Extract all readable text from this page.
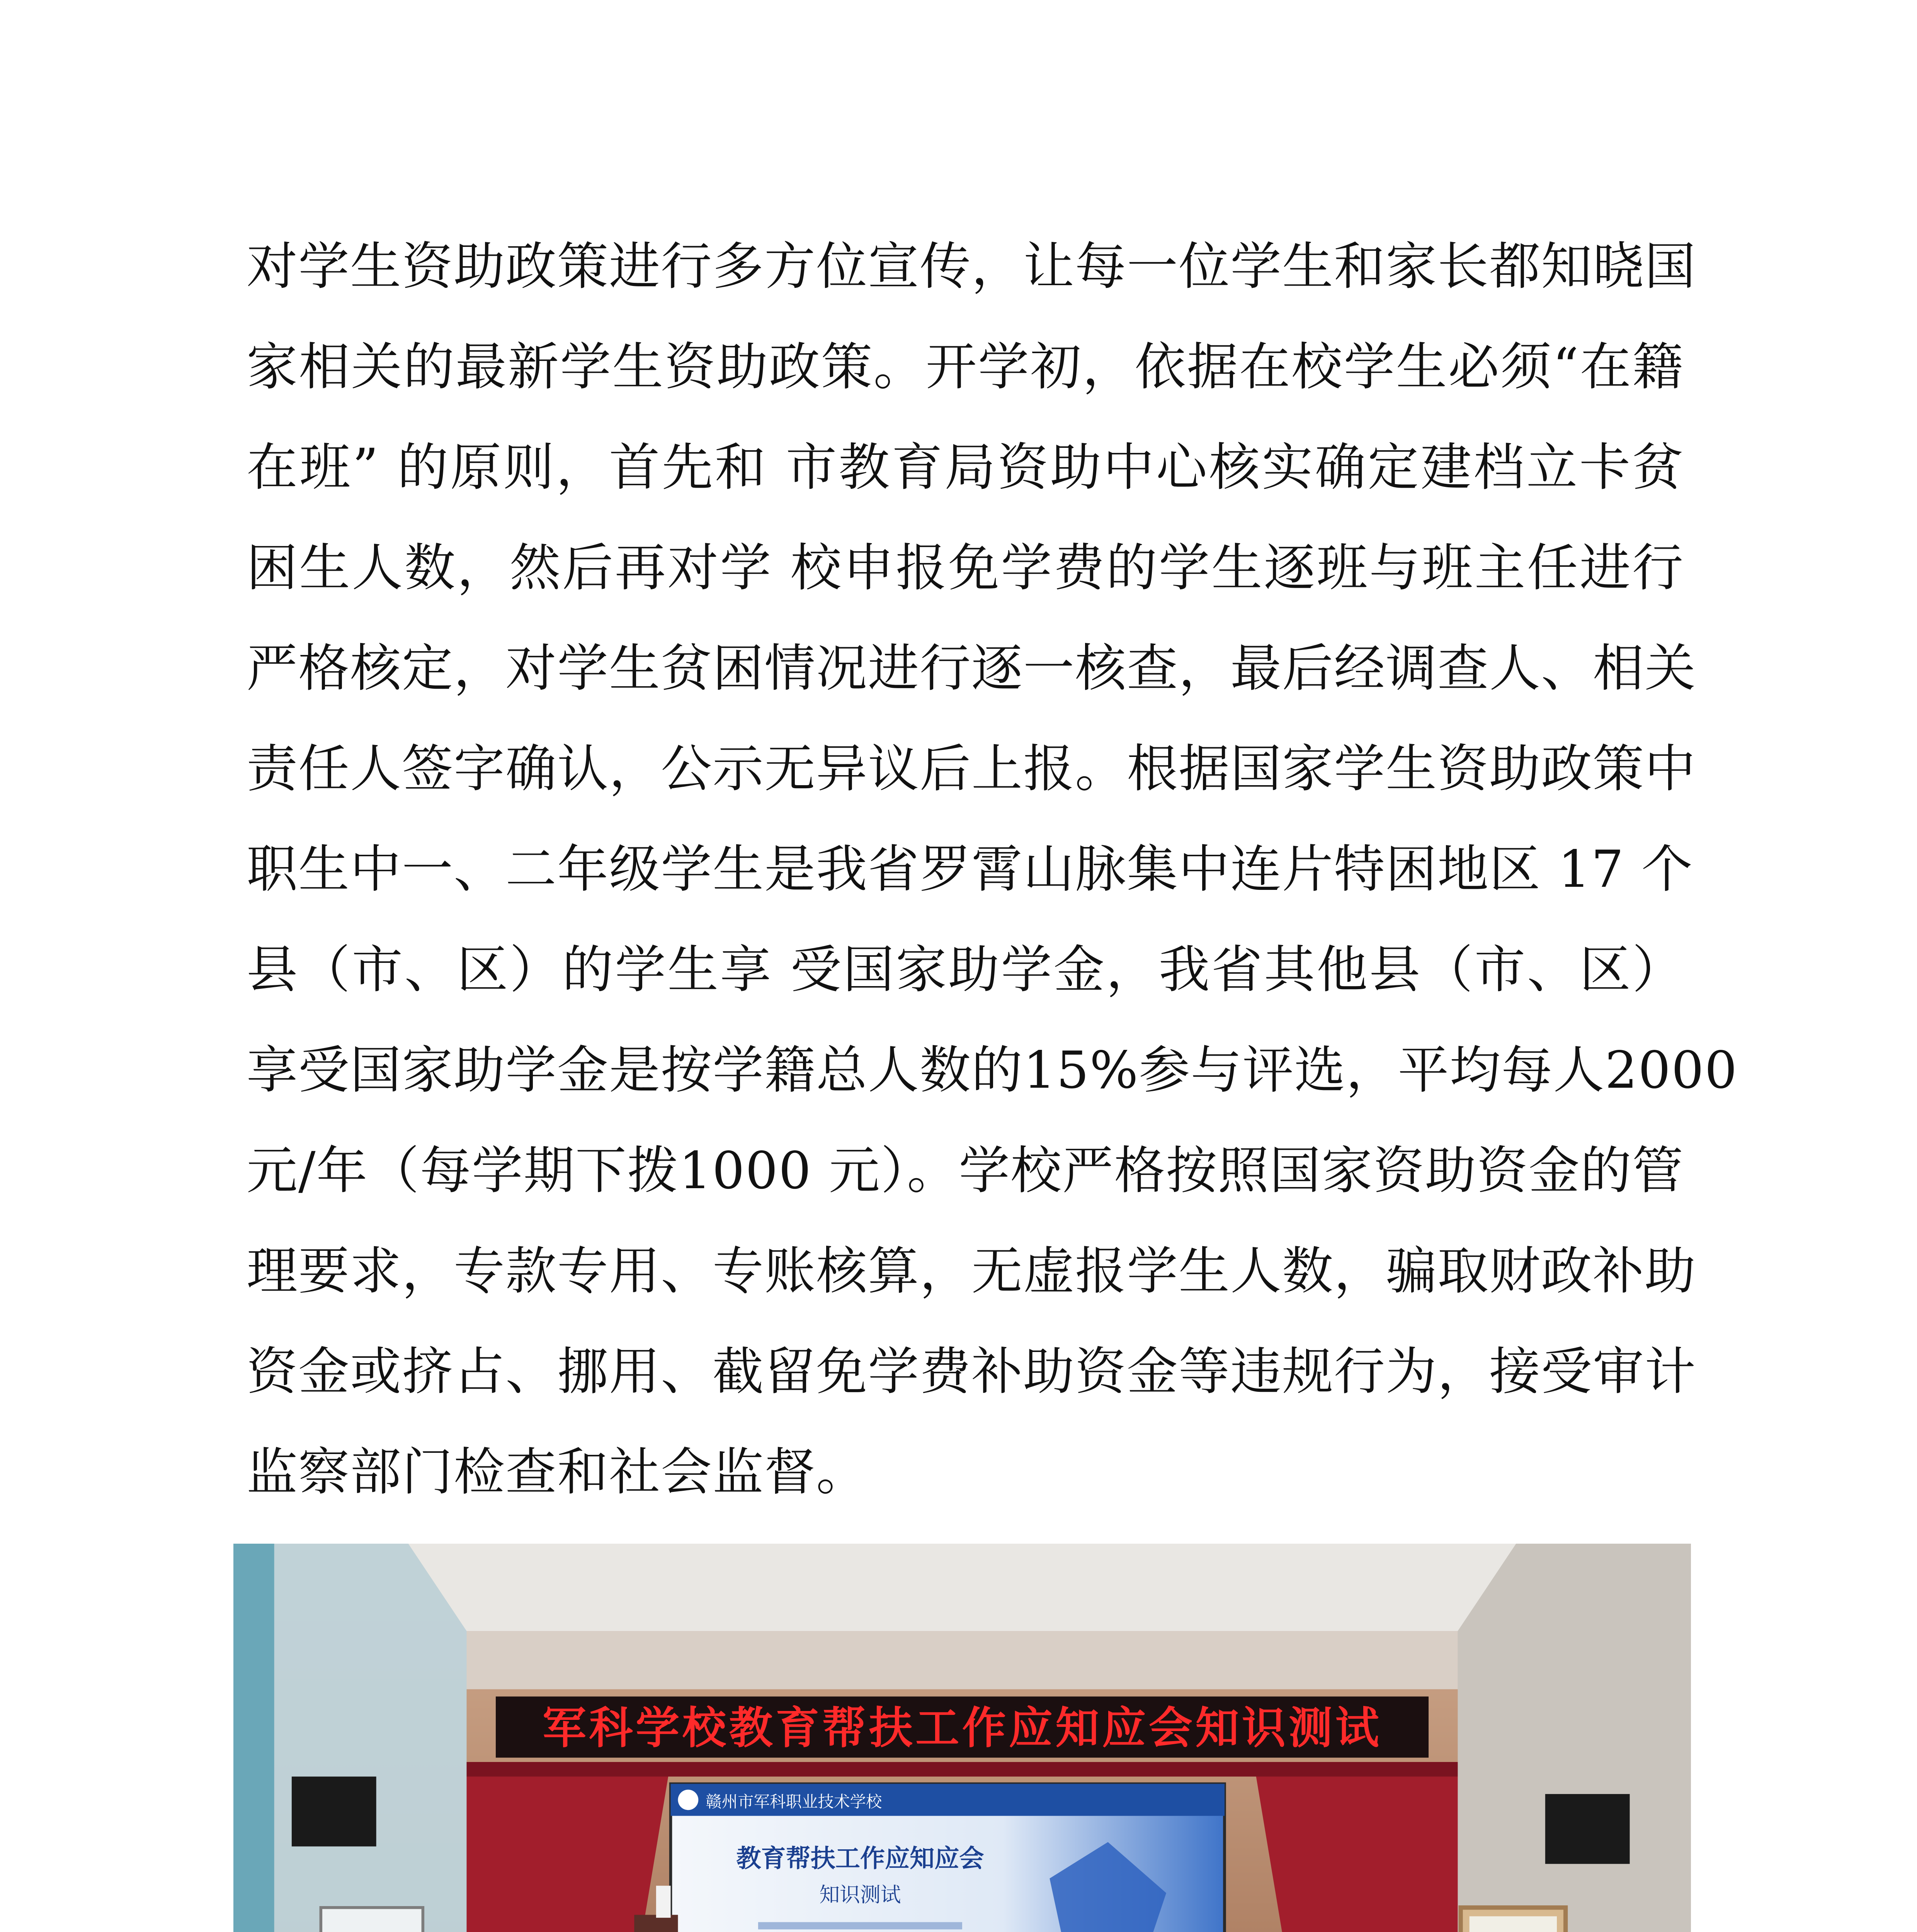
对学生资助政策进行多方位宣传，让每一位学生和家长都知晓国
家相关的最新学生资助政策。开学初，依据在校学生必须“在籍
在班” 的原则，首先和 市教育局资助中心核实确定建档立卡贫
困生人数，然后再对学 校申报免学费的学生逐班与班主任进行
严格核定，对学生贫困情况进行逐一核查，最后经调查人、相关
责任人签字确认，公示无异议后上报。根据国家学生资助政策中
职生中一、二年级学生是我省罗霄山脉集中连片特困地区 17 个
县（市、区）的学生享 受国家助学金，我省其他县（市、区）
享受国家助学金是按学籍总人数的15%参与评选，平均每人2000
元/年（每学期下拨1000 元）。学校严格按照国家资助资金的管
理要求，专款专用、专账核算，无虚报学生人数，骗取财政补助
资金或挤占、挪用、截留免学费补助资金等违规行为，接受审计
监察部门检查和社会监督。
军科学校教育帮扶工作应知应会知识测试
赣州市军科职业技术学校
教育帮扶工作应知应会
知识测试
